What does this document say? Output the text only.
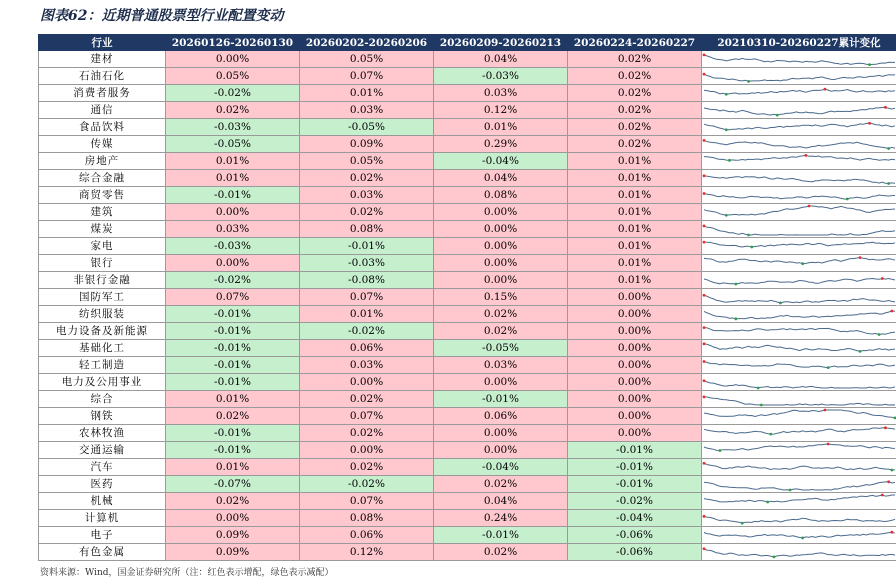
图表62：近期普通股票型行业配置变动
行业	20260126-20260130	20260202-20260206	20260209-20260213	20260224-20260227	20210310-20260227累计变化
建材	0.00%	0.05%	0.04%	0.02%	

石油石化	0.05%	0.07%	-0.03%	0.02%	

消费者服务	-0.02%	0.01%	0.03%	0.02%	

通信	0.02%	0.03%	0.12%	0.02%	

食品饮料	-0.03%	-0.05%	0.01%	0.02%	

传媒	-0.05%	0.09%	0.29%	0.02%	

房地产	0.01%	0.05%	-0.04%	0.01%	

综合金融	0.01%	0.02%	0.04%	0.01%	

商贸零售	-0.01%	0.03%	0.08%	0.01%	

建筑	0.00%	0.02%	0.00%	0.01%	

煤炭	0.03%	0.08%	0.00%	0.01%	

家电	-0.03%	-0.01%	0.00%	0.01%	

银行	0.00%	-0.03%	0.00%	0.01%	

非银行金融	-0.02%	-0.08%	0.00%	0.01%	

国防军工	0.07%	0.07%	0.15%	0.00%	

纺织服装	-0.01%	0.01%	0.02%	0.00%	

电力设备及新能源	-0.01%	-0.02%	0.02%	0.00%	

基础化工	-0.01%	0.06%	-0.05%	0.00%	

轻工制造	-0.01%	0.03%	0.03%	0.00%	

电力及公用事业	-0.01%	0.00%	0.00%	0.00%	

综合	0.01%	0.02%	-0.01%	0.00%	

钢铁	0.02%	0.07%	0.06%	0.00%	

农林牧渔	-0.01%	0.02%	0.00%	0.00%	

交通运输	-0.01%	0.00%	0.00%	-0.01%	

汽车	0.01%	0.02%	-0.04%	-0.01%	

医药	-0.07%	-0.02%	0.02%	-0.01%	

机械	0.02%	0.07%	0.04%	-0.02%	

计算机	0.00%	0.08%	0.24%	-0.04%	

电子	0.09%	0.06%	-0.01%	-0.06%	

有色金属	0.09%	0.12%	0.02%	-0.06%	
资料来源：Wind，国金证券研究所（注：红色表示增配，绿色表示减配）
